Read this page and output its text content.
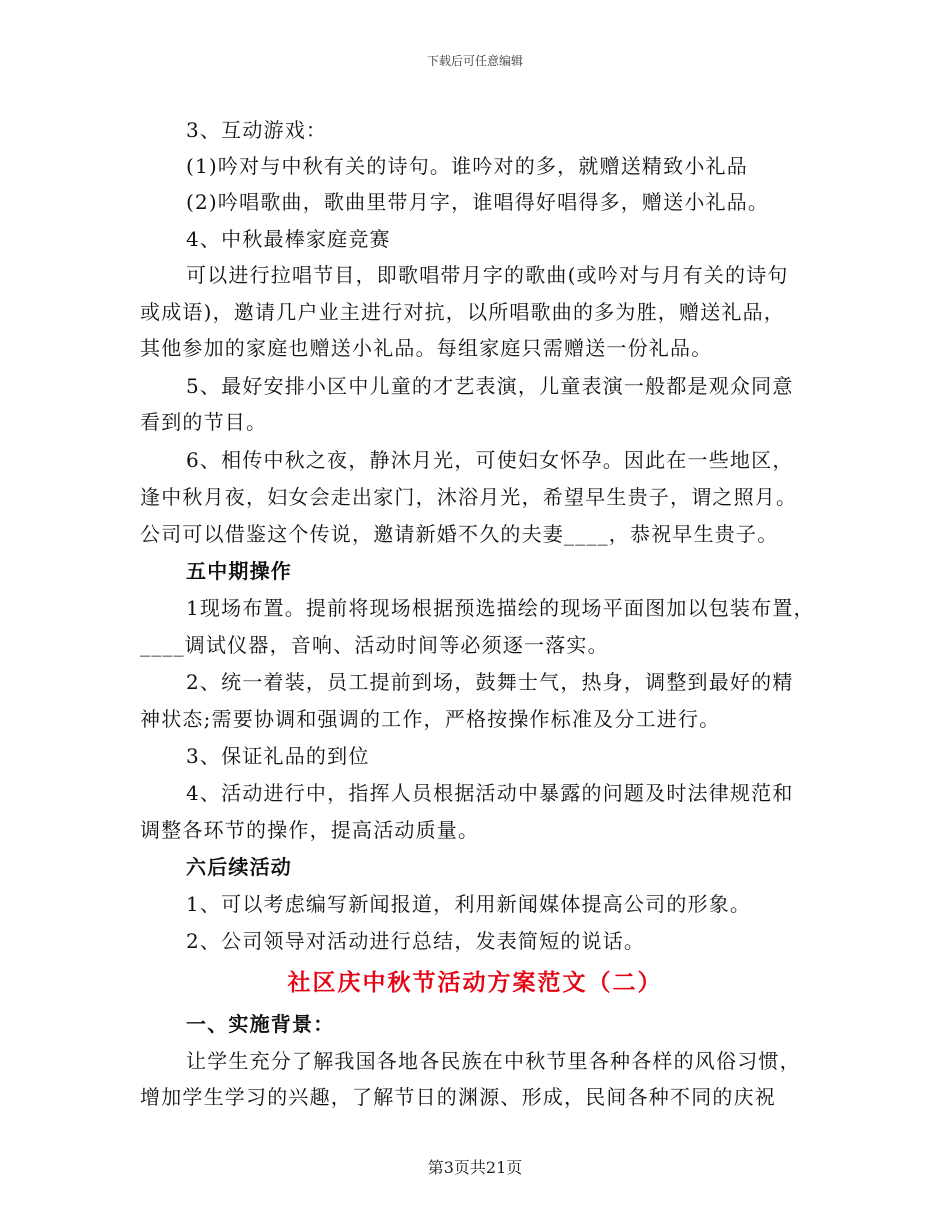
下载后可任意编辑
3、互动游戏：
(1)吟对与中秋有关的诗句。谁吟对的多，就赠送精致小礼品
(2)吟唱歌曲，歌曲里带月字，谁唱得好唱得多，赠送小礼品。
4、中秋最棒家庭竞赛
可以进行拉唱节目，即歌唱带月字的歌曲(或吟对与月有关的诗句
或成语)，邀请几户业主进行对抗，以所唱歌曲的多为胜，赠送礼品，
其他参加的家庭也赠送小礼品。每组家庭只需赠送一份礼品。
5、最好安排小区中儿童的才艺表演，儿童表演一般都是观众同意
看到的节目。
6、相传中秋之夜，静沐月光，可使妇女怀孕。因此在一些地区，
逢中秋月夜，妇女会走出家门，沐浴月光，希望早生贵子，谓之照月。
公司可以借鉴这个传说，邀请新婚不久的夫妻____，恭祝早生贵子。
五中期操作
1现场布置。提前将现场根据预选描绘的现场平面图加以包装布置，
____调试仪器，音响、活动时间等必须逐一落实。
2、统一着装，员工提前到场，鼓舞士气，热身，调整到最好的精
神状态;需要协调和强调的工作，严格按操作标准及分工进行。
3、保证礼品的到位
4、活动进行中，指挥人员根据活动中暴露的问题及时法律规范和
调整各环节的操作，提高活动质量。
六后续活动
1、可以考虑编写新闻报道，利用新闻媒体提高公司的形象。
2、公司领导对活动进行总结，发表简短的说话。
社区庆中秋节活动方案范文（二）
一、实施背景：
让学生充分了解我国各地各民族在中秋节里各种各样的风俗习惯，
增加学生学习的兴趣，了解节日的渊源、形成，民间各种不同的庆祝
第3页共21页
